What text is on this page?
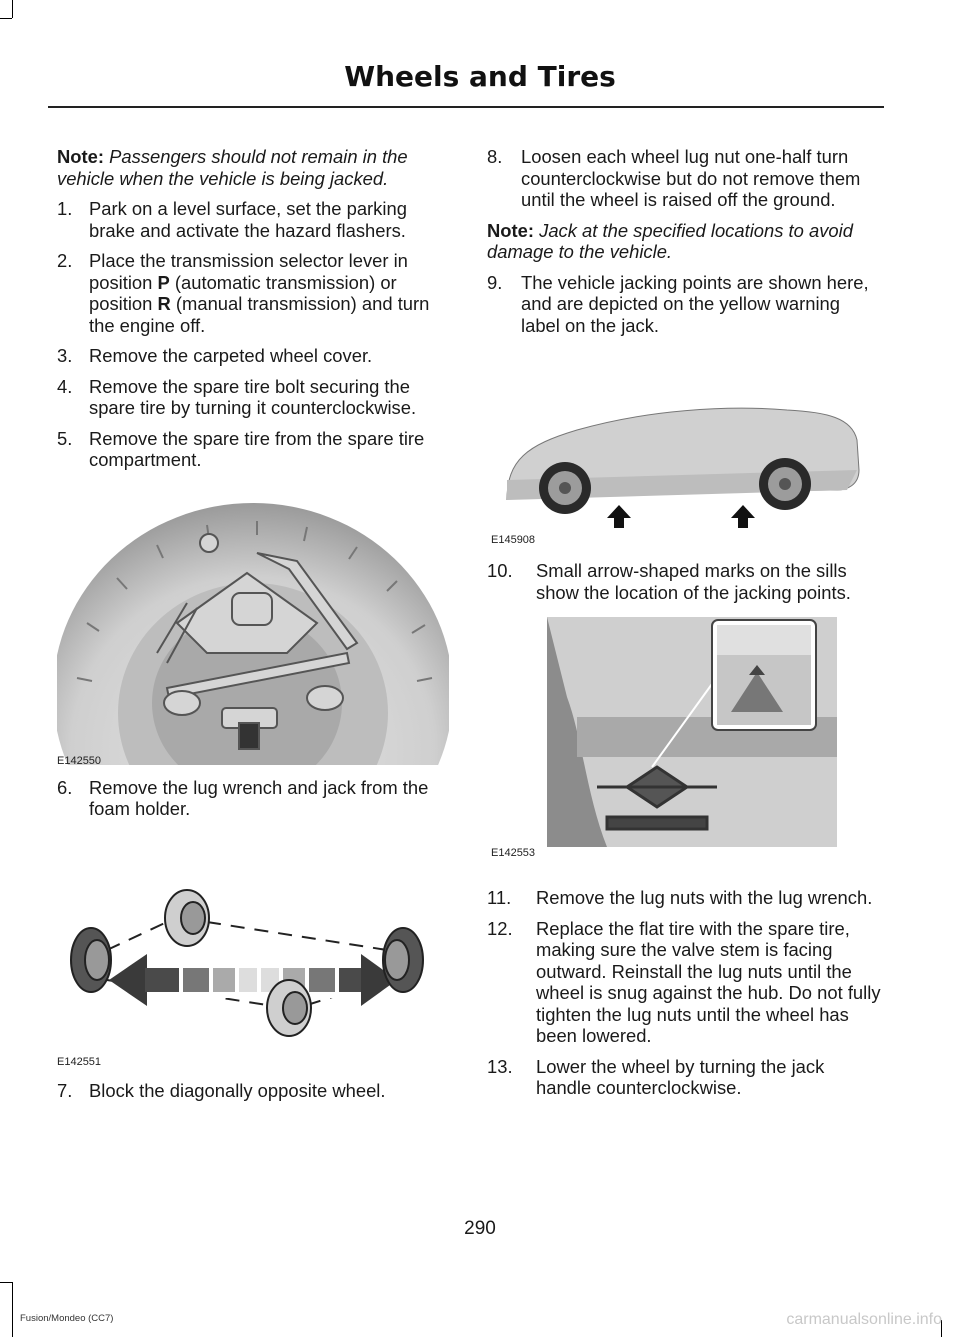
Wheels and Tires

Note: Passengers should not remain in the vehicle when the vehicle is being jacked.

1. Park on a level surface, set the parking brake and activate the hazard flashers.
2. Place the transmission selector lever in position P (automatic transmission) or position R (manual transmission) and turn the engine off.
3. Remove the carpeted wheel cover.
4. Remove the spare tire bolt securing the spare tire by turning it counterclockwise.
5. Remove the spare tire from the spare tire compartment.
E142550
6. Remove the lug wrench and jack from the foam holder.
E142551
7. Block the diagonally opposite wheel.
8.	Loosen each wheel lug nut one-half turn counterclockwise but do not remove them until the wheel is raised off the ground.

Note: Jack at the specified locations to avoid damage to the vehicle.

9.	The vehicle jacking points are shown here, and are depicted on the yellow warning label on the jack.
E145908
10.	Small arrow-shaped marks on the sills show the location of the jacking points.
E142553
11.	Remove the lug nuts with the lug wrench.
12.	Replace the flat tire with the spare tire, making sure the valve stem is facing outward. Reinstall the lug nuts until the wheel is snug against the hub. Do not fully tighten the lug nuts until the wheel has been lowered.
13.	Lower the wheel by turning the jack handle counterclockwise.
290
Fusion/Mondeo (CC7)	carmanualsonline.info
